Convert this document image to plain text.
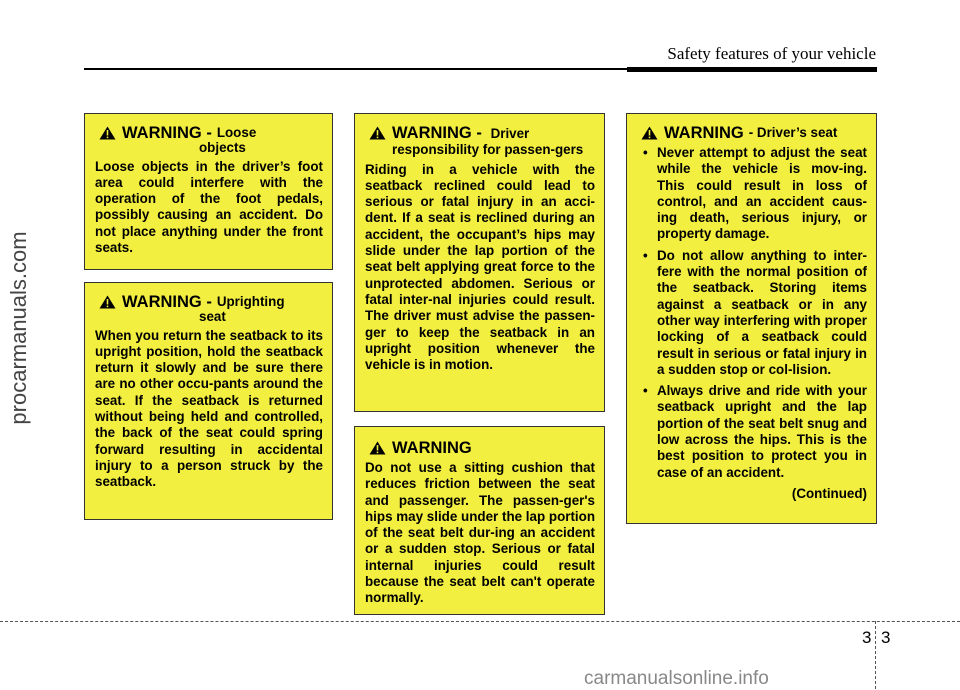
Safety features of your vehicle
procarmanuals.com
WARNING - Loose
objects

Loose objects in the driver’s foot area could interfere with the operation of the foot pedals, possibly causing an accident. Do not place anything under the front seats.

WARNING - Uprighting
seat

When you return the seatback to its upright position, hold the seatback return it slowly and be sure there are no other occu-pants around the seat. If the seatback is returned without being held and controlled, the back of the seat could spring forward resulting in accidental injury to a person struck by the seatback.

WARNING - Driver responsibility for passen-gers

Riding in a vehicle with the seatback reclined could lead to serious or fatal injury in an acci-dent. If a seat is reclined during an accident, the occupant’s hips may slide under the lap portion of the seat belt applying great force to the unprotected abdomen. Serious or fatal inter-nal injuries could result. The driver must advise the passen-ger to keep the seatback in an upright position whenever the vehicle is in motion.

WARNING

Do not use a sitting cushion that reduces friction between the seat and passenger. The passen-ger's hips may slide under the lap portion of the seat belt dur-ing an accident or a sudden stop. Serious or fatal internal injuries could result because the seat belt can't operate normally.

WARNING - Driver’s seat
• Never attempt to adjust the seat while the vehicle is mov-ing. This could result in loss of control, and an accident caus-ing death, serious injury, or property damage.
• Do not allow anything to inter-fere with the normal position of the seatback. Storing items against a seatback or in any other way interfering with proper locking of a seatback could result in serious or fatal injury in a sudden stop or col-lision.
• Always drive and ride with your seatback upright and the lap portion of the seat belt snug and low across the hips. This is the best position to protect you in case of an accident.
(Continued)
3 3
carmanualsonline.info
